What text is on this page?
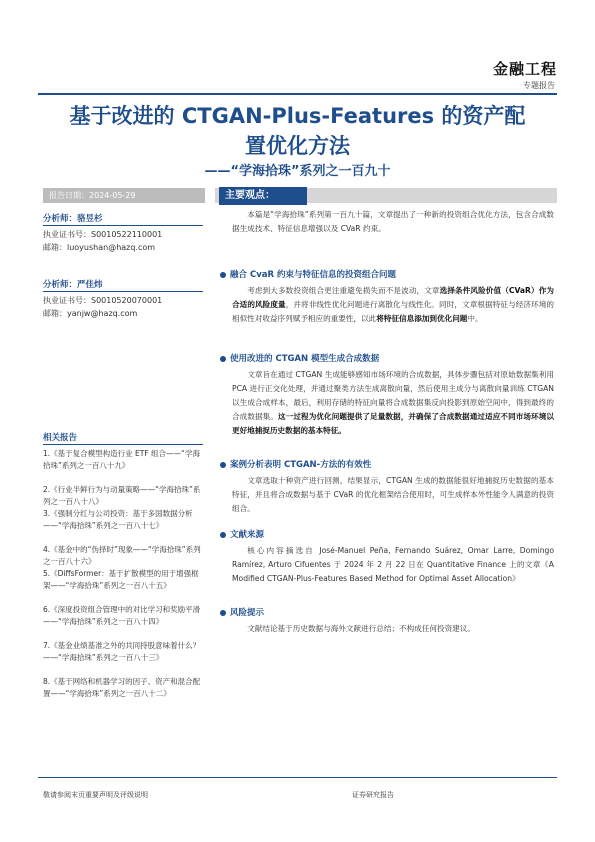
金融工程
专题报告
基于改进的 CTGAN-Plus-Features 的资产配
置优化方法
——“学海拾珠”系列之一百九十
报告日期：2024-05-29	主要观点：
分析师：骆昱杉
执业证书号：S0010522110001
邮箱：luoyushan@hazq.com
分析师：严佳炜
执业证书号：S0010520070001
邮箱：yanjw@hazq.com
相关报告
1.《基于复合模型构造行业 ETF 组合——“学海拾珠”系列之一百八十九》
2.《行业半鲜行为与动量策略——“学海拾珠”系列之一百八十八》
3.《强制分红与公司投资：基于多国数据分析——“学海拾珠”系列之一百八十七》
4.《基金中的“伪择时”现象——“学海拾珠”系列之一百八十六》
5.《DiffsFormer：基于扩散模型的用于增强框架——“学海拾珠”系列之一百八十五》
6.《深度投资组合管理中的对比学习和奖励平滑——“学海拾珠”系列之一百八十四》
7.《基金业绩基准之外的共同持股意味着什么？——“学海拾珠”系列之一百八十三》
8.《基于网络和机器学习的因子、资产和混合配置——“学海拾珠”系列之一百八十二》
本篇是“学海拾珠”系列第一百九十篇，文章提出了一种新的投资组合优化方法，包含合成数据生成技术、特征信息增强以及 CVaR 约束。
融合 CvaR 约束与特征信息的投资组合问题
考虑到大多数投资组合更注重避免损失而不是波动，文章选择条件风险价值（CVaR）作为合适的风险度量，并将非线性优化问题进行离散化与线性化。同时，文章根据特征与经济环境的相似性对收益序列赋予相应的重要性，以此将特征信息添加到优化问题中。
使用改进的 CTGAN 模型生成合成数据
文章旨在通过 CTGAN 生成能够感知市场环境的合成数据，具体步骤包括对原始数据集利用 PCA 进行正交化处理，并通过聚类方法生成离散向量，然后使用主成分与离散向量训练 CTGAN 以生成合成样本，最后，利用存储的特征向量将合成数据集反向投影到原始空间中，得到最终的合成数据集。这一过程为优化问题提供了足量数据，并确保了合成数据通过适应不同市场环境以更好地捕捉历史数据的基本特征。
案例分析表明 CTGAN-方法的有效性
文章选取十种资产进行回测，结果显示，CTGAN 生成的数据能很好地捕捉历史数据的基本特征，并且将合成数据与基于 CVaR 的优化框架结合使用时，可生成样本外性能令人满意的投资组合。
文献来源
核心内容摘选自 José-Manuel Peña, Fernando Suárez, Omar Larre, Domingo Ramírez, Arturo Cifuentes 于 2024 年 2 月 22 日在 Quantitative Finance 上的文章《A Modified CTGAN-Plus-Features Based Method for Optimal Asset Allocation》
风险提示
文献结论基于历史数据与海外文献进行总结；不构成任何投资建议。
敬请参阅末页重要声明及评级说明	证券研究报告
